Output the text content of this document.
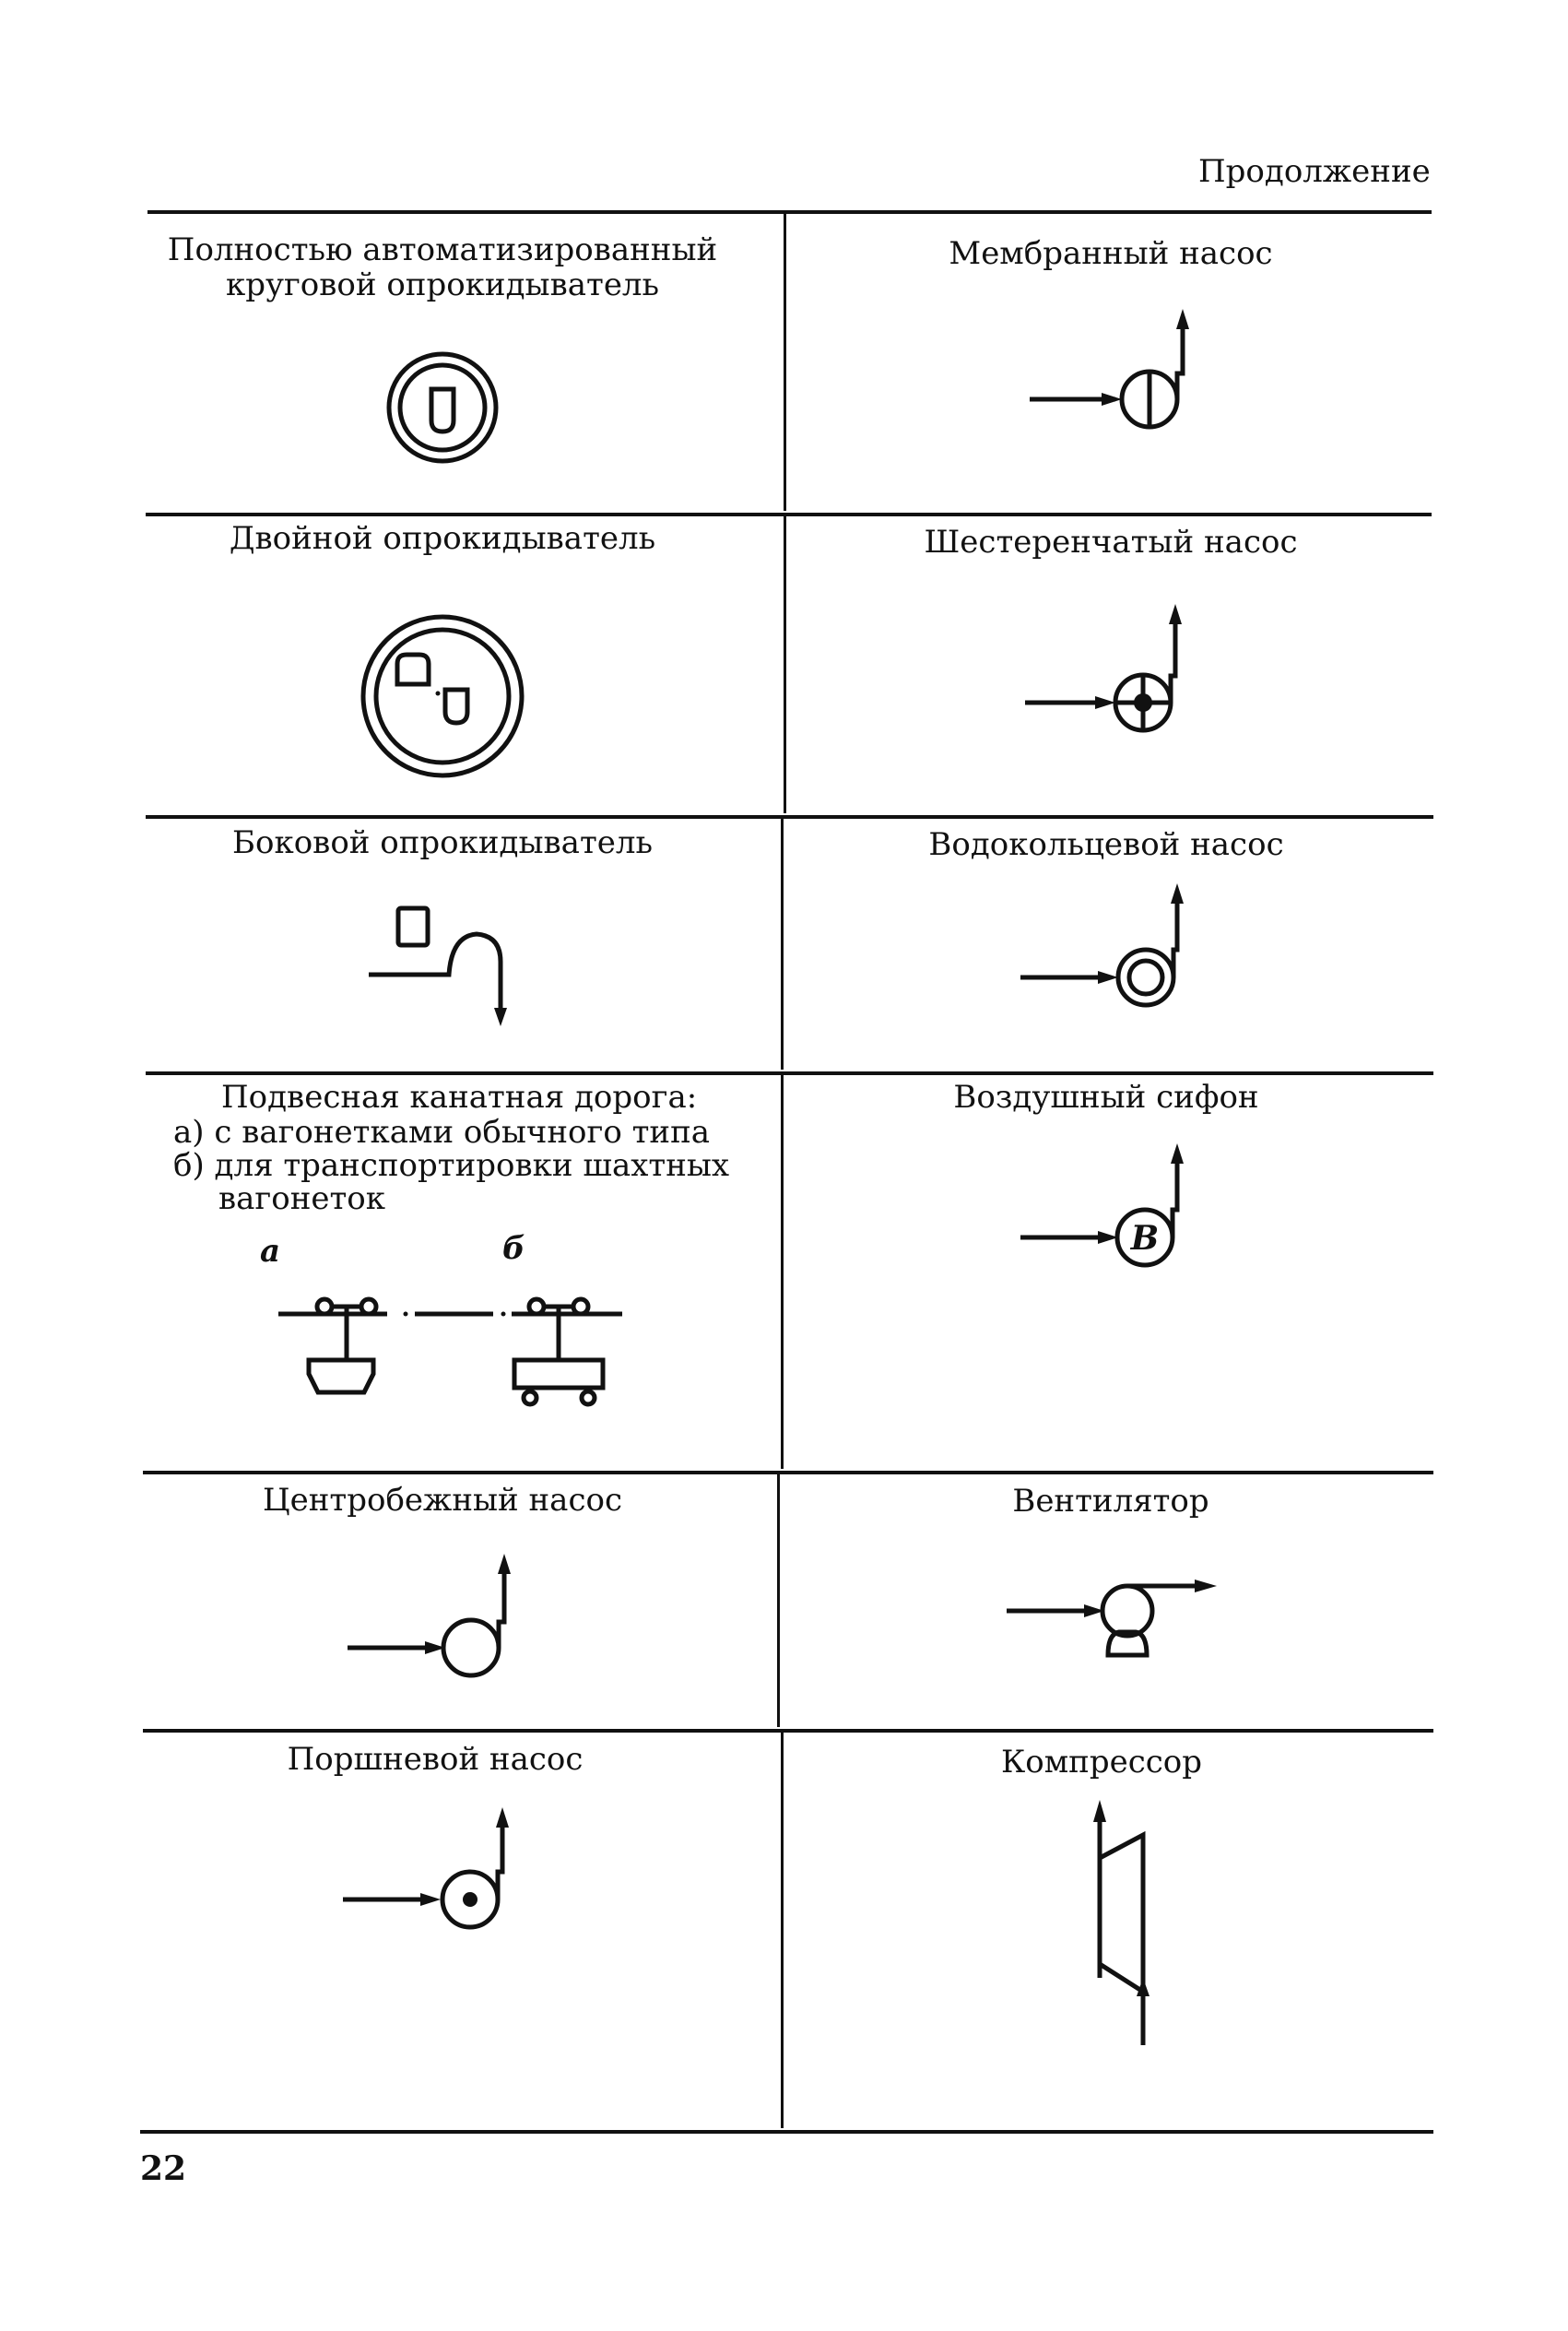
Продолжение
Полностью автоматизированный
круговой опрокидыватель
Двойной опрокидыватель
Боковой опрокидыватель
Подвесная канатная дорога:
а) с вагонетками обычного типа
б) для транспортировки шахтных
вагонеток
а	б
Центробежный насос
Поршневой насос
Мембранный насос
Шестеренчатый насос
Водокольцевой насос
Воздушный сифон
B
Вентилятор
Компрессор
22
